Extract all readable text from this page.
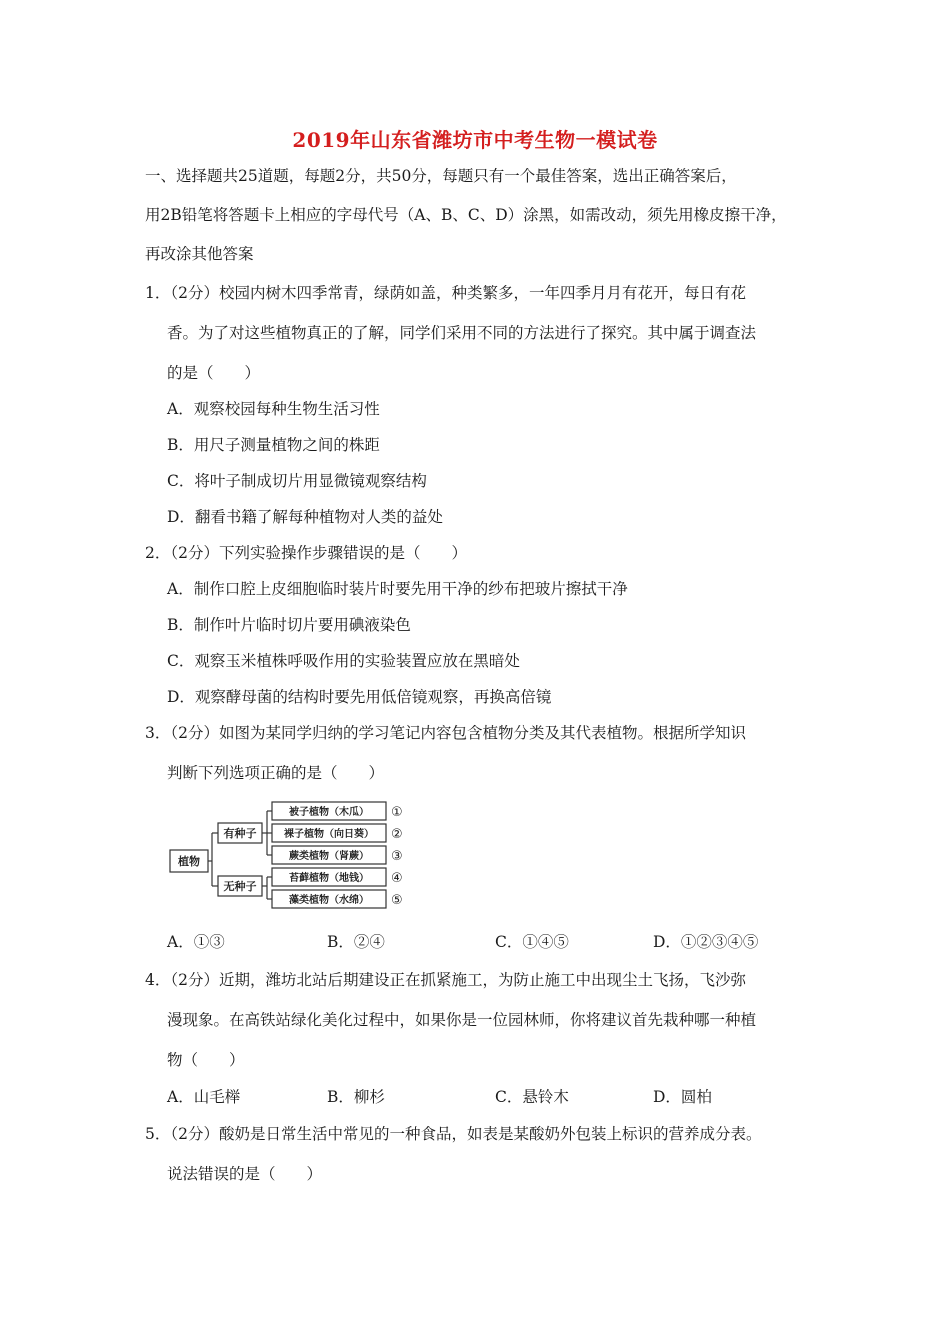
2019年山东省潍坊市中考生物一模试卷
一、选择题共25道题，每题2分，共50分，每题只有一个最佳答案，选出正确答案后，
用2B铅笔将答题卡上相应的字母代号（A、B、C、D）涂黑，如需改动，须先用橡皮擦干净，
再改涂其他答案
1．（2分）校园内树木四季常青，绿荫如盖，种类繁多，一年四季月月有花开，每日有花
香。为了对这些植物真正的了解，同学们采用不同的方法进行了探究。其中属于调查法
的是（　　）
A．观察校园每种生物生活习性
B．用尺子测量植物之间的株距
C．将叶子制成切片用显微镜观察结构
D．翻看书籍了解每种植物对人类的益处
2．（2分）下列实验操作步骤错误的是（　　）
A．制作口腔上皮细胞临时装片时要先用干净的纱布把玻片擦拭干净
B．制作叶片临时切片要用碘液染色
C．观察玉米植株呼吸作用的实验装置应放在黑暗处
D．观察酵母菌的结构时要先用低倍镜观察，再换高倍镜
3．（2分）如图为某同学归纳的学习笔记内容包含植物分类及其代表植物。根据所学知识
判断下列选项正确的是（　　）
植物
有种子
无种子
被子植物（木瓜）
裸子植物（向日葵）
蕨类植物（肾蕨）
苔藓植物（地钱）
藻类植物（水绵）
①
②
③
④
⑤
A．①③	B．②④	C．①④⑤	D．①②③④⑤
4．（2分）近期，潍坊北站后期建设正在抓紧施工，为防止施工中出现尘土飞扬，飞沙弥
漫现象。在高铁站绿化美化过程中，如果你是一位园林师，你将建议首先栽种哪一种植
物（　　）
A．山毛榉	B．柳杉	C．悬铃木	D．圆柏
5．（2分）酸奶是日常生活中常见的一种食品，如表是某酸奶外包装上标识的营养成分表。
说法错误的是（　　）
